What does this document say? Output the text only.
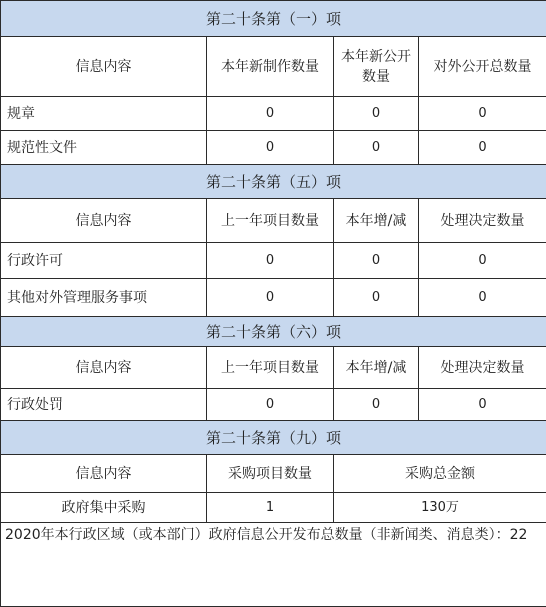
第二十条第（一）项			
信息内容	本年新制作数量	本年新公开数量	对外公开总数量
规章	0	0	0
规范性文件	0	0	0
第二十条第（五）项			
信息内容	上一年项目数量	本年增/减	处理决定数量
行政许可	0	0	0
其他对外管理服务事项	0	0	0
第二十条第（六）项			
信息内容	上一年项目数量	本年增/减	处理决定数量
行政处罚	0	0	0
第二十条第（九）项			
信息内容	采购项目数量	采购总金额	
政府集中采购	1	130万	
2020年本行政区域（或本部门）政府信息公开发布总数量（非新闻类、消息类）：22			
